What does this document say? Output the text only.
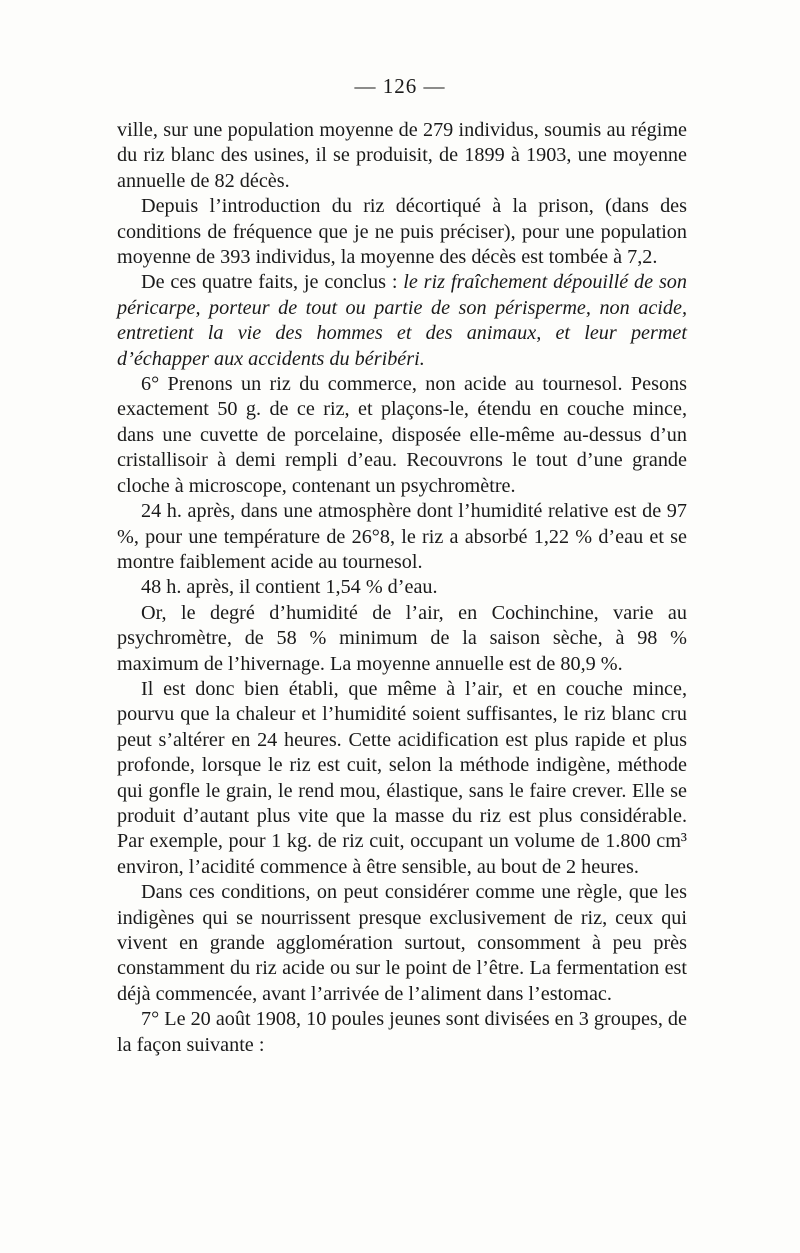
— 126 —

ville, sur une population moyenne de 279 individus, soumis au régime du riz blanc des usines, il se produisit, de 1899 à 1903, une moyenne annuelle de 82 décès.

Depuis l’introduction du riz décortiqué à la prison, (dans des conditions de fréquence que je ne puis préciser), pour une population moyenne de 393 individus, la moyenne des décès est tombée à 7,2.

De ces quatre faits, je conclus : le riz fraîchement dépouillé de son péricarpe, porteur de tout ou partie de son périsperme, non acide, entretient la vie des hommes et des animaux, et leur permet d’échapper aux accidents du béribéri.

6° Prenons un riz du commerce, non acide au tournesol. Pesons exactement 50 g. de ce riz, et plaçons-le, étendu en couche mince, dans une cuvette de porcelaine, disposée elle-même au-dessus d’un cristallisoir à demi rempli d’eau. Recouvrons le tout d’une grande cloche à microscope, contenant un psychromètre.

24 h. après, dans une atmosphère dont l’humidité relative est de 97 %, pour une température de 26°8, le riz a absorbé 1,22 % d’eau et se montre faiblement acide au tournesol.

48 h. après, il contient 1,54 % d’eau.

Or, le degré d’humidité de l’air, en Cochinchine, varie au psychromètre, de 58 % minimum de la saison sèche, à 98 % maximum de l’hivernage. La moyenne annuelle est de 80,9 %.

Il est donc bien établi, que même à l’air, et en couche mince, pourvu que la chaleur et l’humidité soient suffisantes, le riz blanc cru peut s’altérer en 24 heures. Cette acidification est plus rapide et plus profonde, lorsque le riz est cuit, selon la méthode indigène, méthode qui gonfle le grain, le rend mou, élastique, sans le faire crever. Elle se produit d’autant plus vite que la masse du riz est plus considérable. Par exemple, pour 1 kg. de riz cuit, occupant un volume de 1.800 cm³ environ, l’acidité commence à être sensible, au bout de 2 heures.

Dans ces conditions, on peut considérer comme une règle, que les indigènes qui se nourrissent presque exclusivement de riz, ceux qui vivent en grande agglomération surtout, consomment à peu près constamment du riz acide ou sur le point de l’être. La fermentation est déjà commencée, avant l’arrivée de l’aliment dans l’estomac.

7° Le 20 août 1908, 10 poules jeunes sont divisées en 3 groupes, de la façon suivante :
